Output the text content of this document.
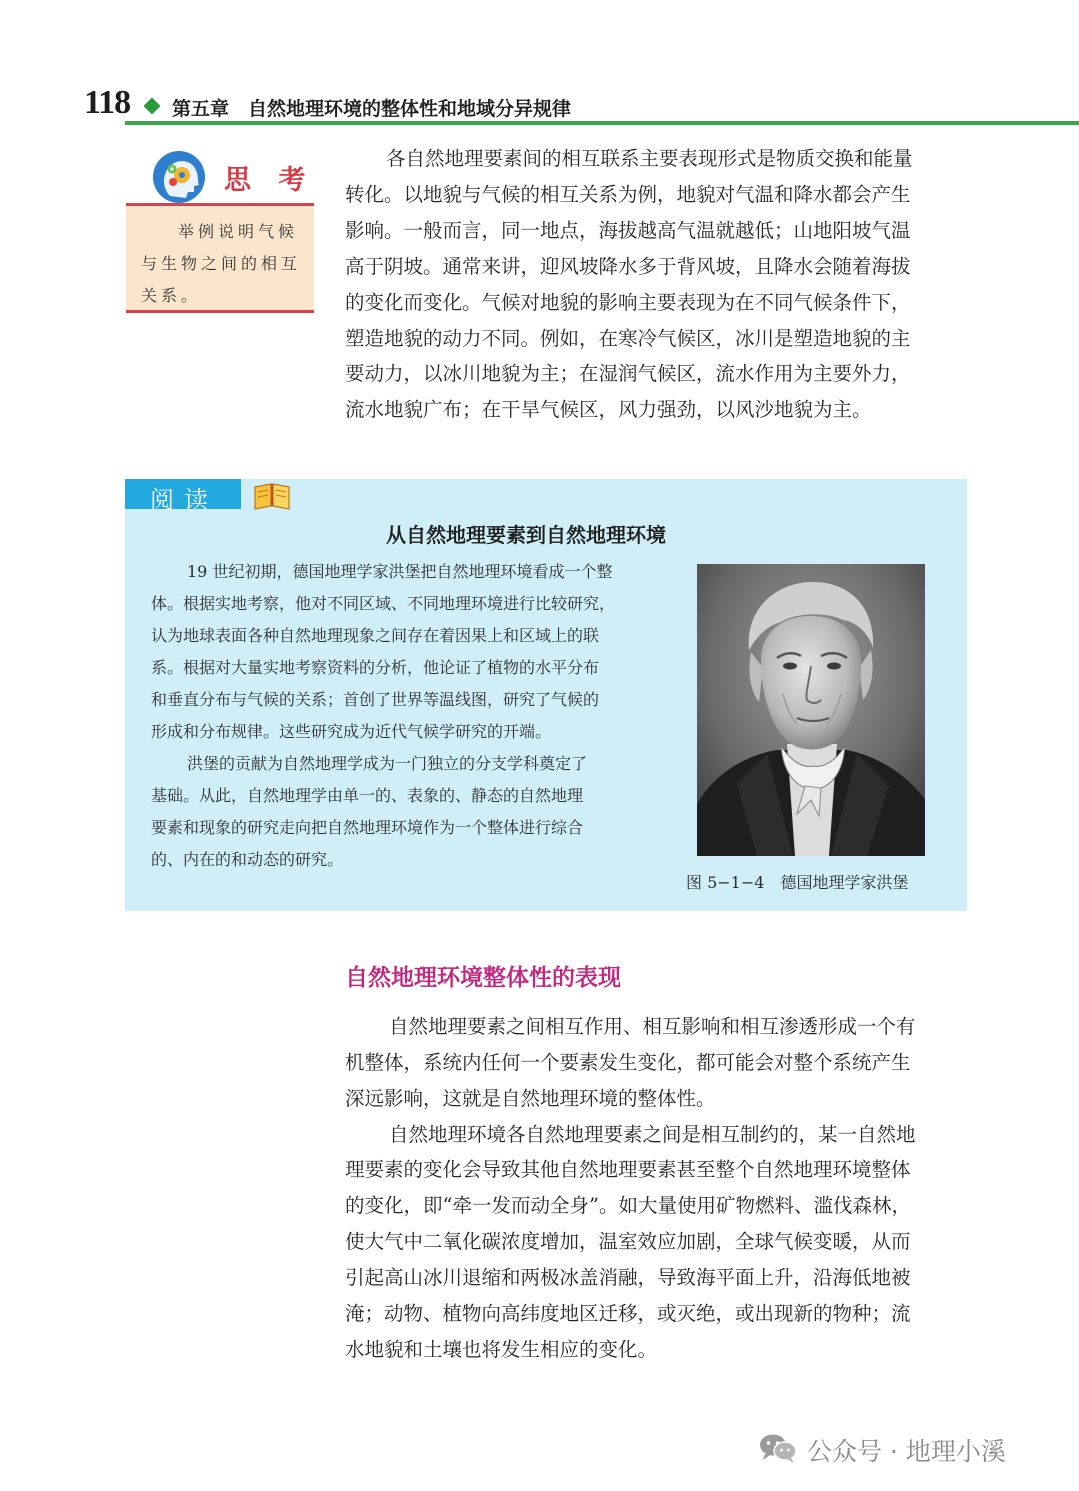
118 第五章　自然地理环境的整体性和地域分异规律
思 考
举例说明气候
与生物之间的相互
关系。
各自然地理要素间的相互联系主要表现形式是物质交换和能量
转化。以地貌与气候的相互关系为例，地貌对气温和降水都会产生
影响。一般而言，同一地点，海拔越高气温就越低；山地阳坡气温
高于阴坡。通常来讲，迎风坡降水多于背风坡，且降水会随着海拔
的变化而变化。气候对地貌的影响主要表现为在不同气候条件下，
塑造地貌的动力不同。例如，在寒冷气候区，冰川是塑造地貌的主
要动力，以冰川地貌为主；在湿润气候区，流水作用为主要外力，
流水地貌广布；在干旱气候区，风力强劲，以风沙地貌为主。
阅读
从自然地理要素到自然地理环境
19 世纪初期，德国地理学家洪堡把自然地理环境看成一个整
体。根据实地考察，他对不同区域、不同地理环境进行比较研究，
认为地球表面各种自然地理现象之间存在着因果上和区域上的联
系。根据对大量实地考察资料的分析，他论证了植物的水平分布
和垂直分布与气候的关系；首创了世界等温线图，研究了气候的
形成和分布规律。这些研究成为近代气候学研究的开端。
洪堡的贡献为自然地理学成为一门独立的分支学科奠定了
基础。从此，自然地理学由单一的、表象的、静态的自然地理
要素和现象的研究走向把自然地理环境作为一个整体进行综合
的、内在的和动态的研究。
图 5−1−4　德国地理学家洪堡
自然地理环境整体性的表现
自然地理要素之间相互作用、相互影响和相互渗透形成一个有
机整体，系统内任何一个要素发生变化，都可能会对整个系统产生
深远影响，这就是自然地理环境的整体性。
自然地理环境各自然地理要素之间是相互制约的，某一自然地
理要素的变化会导致其他自然地理要素甚至整个自然地理环境整体
的变化，即“牵一发而动全身”。如大量使用矿物燃料、滥伐森林，
使大气中二氧化碳浓度增加，温室效应加剧，全球气候变暖，从而
引起高山冰川退缩和两极冰盖消融，导致海平面上升，沿海低地被
淹；动物、植物向高纬度地区迁移，或灭绝，或出现新的物种；流
水地貌和土壤也将发生相应的变化。
公众号 · 地理小溪
